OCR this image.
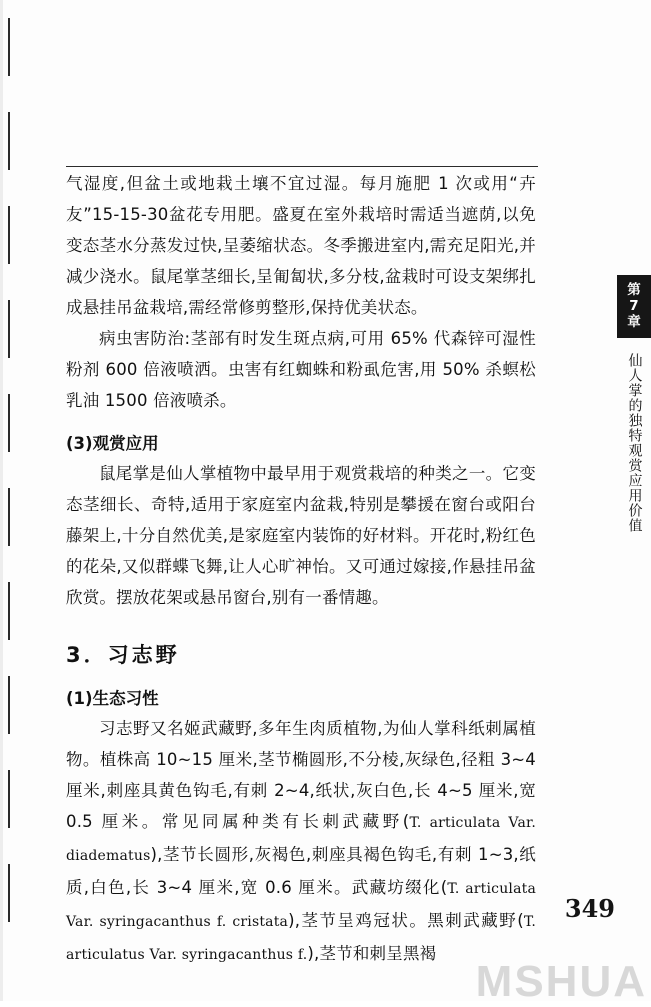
气湿度,但盆土或地栽土壤不宜过湿。每月施肥 1 次或用“卉友”15‐15‐30盆花专用肥。盛夏在室外栽培时需适当遮荫,以免变态茎水分蒸发过快,呈萎缩状态。冬季搬进室内,需充足阳光,并减少浇水。鼠尾掌茎细长,呈匍匐状,多分枝,盆栽时可设支架绑扎成悬挂吊盆栽培,需经常修剪整形,保持优美状态。

病虫害防治:茎部有时发生斑点病,可用 65% 代森锌可湿性粉剂 600 倍液喷洒。虫害有红蜘蛛和粉虱危害,用 50% 杀螟松乳油 1500 倍液喷杀。

(3)观赏应用

鼠尾掌是仙人掌植物中最早用于观赏栽培的种类之一。它变态茎细长、奇特,适用于家庭室内盆栽,特别是攀援在窗台或阳台藤架上,十分自然优美,是家庭室内装饰的好材料。开花时,粉红色的花朵,又似群蝶飞舞,让人心旷神怡。又可通过嫁接,作悬挂吊盆欣赏。摆放花架或悬吊窗台,别有一番情趣。

3．习志野
(1)生态习性

习志野又名姬武藏野,多年生肉质植物,为仙人掌科纸刺属植物。植株高 10~15 厘米,茎节椭圆形,不分棱,灰绿色,径粗 3~4 厘米,刺座具黄色钩毛,有刺 2~4,纸状,灰白色,长 4~5 厘米,宽 0.5 厘米。常见同属种类有长刺武藏野(T. articulata Var. diadematus),茎节长圆形,灰褐色,刺座具褐色钩毛,有刺 1~3,纸质,白色,长 3~4 厘米,宽 0.6 厘米。武藏坊缀化(T. articulata Var. syringacanthus f. cristata),茎节呈鸡冠状。黑刺武藏野(T. articulatus Var. syringacanthus f.),茎节和刺呈黑褐

第 7 章
仙人掌的独特观赏应用价值
349
MSHUA
